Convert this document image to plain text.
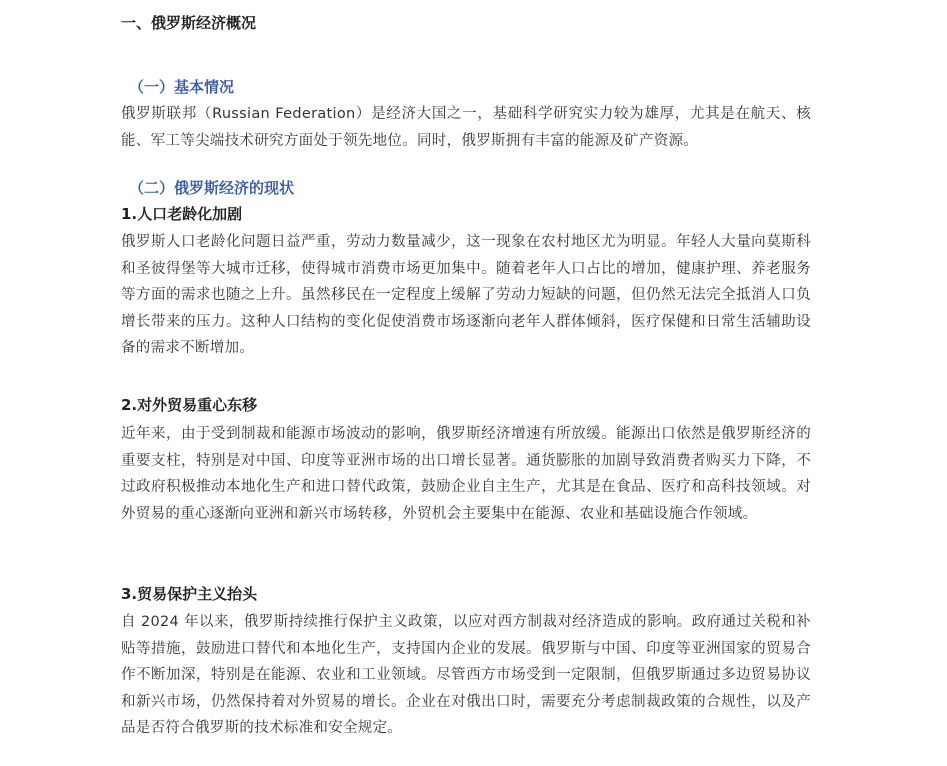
一、俄罗斯经济概况
（一）基本情况
俄罗斯联邦（Russian Federation）是经济大国之一，基础科学研究实力较为雄厚，尤其是在航天、核能、军工等尖端技术研究方面处于领先地位。同时，俄罗斯拥有丰富的能源及矿产资源。
（二）俄罗斯经济的现状
1.人口老龄化加剧
俄罗斯人口老龄化问题日益严重，劳动力数量减少，这一现象在农村地区尤为明显。年轻人大量向莫斯科和圣彼得堡等大城市迁移，使得城市消费市场更加集中。随着老年人口占比的增加，健康护理、养老服务等方面的需求也随之上升。虽然移民在一定程度上缓解了劳动力短缺的问题，但仍然无法完全抵消人口负增长带来的压力。这种人口结构的变化促使消费市场逐渐向老年人群体倾斜，医疗保健和日常生活辅助设备的需求不断增加。
2.对外贸易重心东移
近年来，由于受到制裁和能源市场波动的影响，俄罗斯经济增速有所放缓。能源出口依然是俄罗斯经济的重要支柱，特别是对中国、印度等亚洲市场的出口增长显著。通货膨胀的加剧导致消费者购买力下降，不过政府积极推动本地化生产和进口替代政策，鼓励企业自主生产，尤其是在食品、医疗和高科技领域。对外贸易的重心逐渐向亚洲和新兴市场转移，外贸机会主要集中在能源、农业和基础设施合作领域。
3.贸易保护主义抬头
自 2024 年以来，俄罗斯持续推行保护主义政策，以应对西方制裁对经济造成的影响。政府通过关税和补贴等措施，鼓励进口替代和本地化生产，支持国内企业的发展。俄罗斯与中国、印度等亚洲国家的贸易合作不断加深，特别是在能源、农业和工业领域。尽管西方市场受到一定限制，但俄罗斯通过多边贸易协议和新兴市场，仍然保持着对外贸易的增长。企业在对俄出口时，需要充分考虑制裁政策的合规性，以及产品是否符合俄罗斯的技术标准和安全规定。
